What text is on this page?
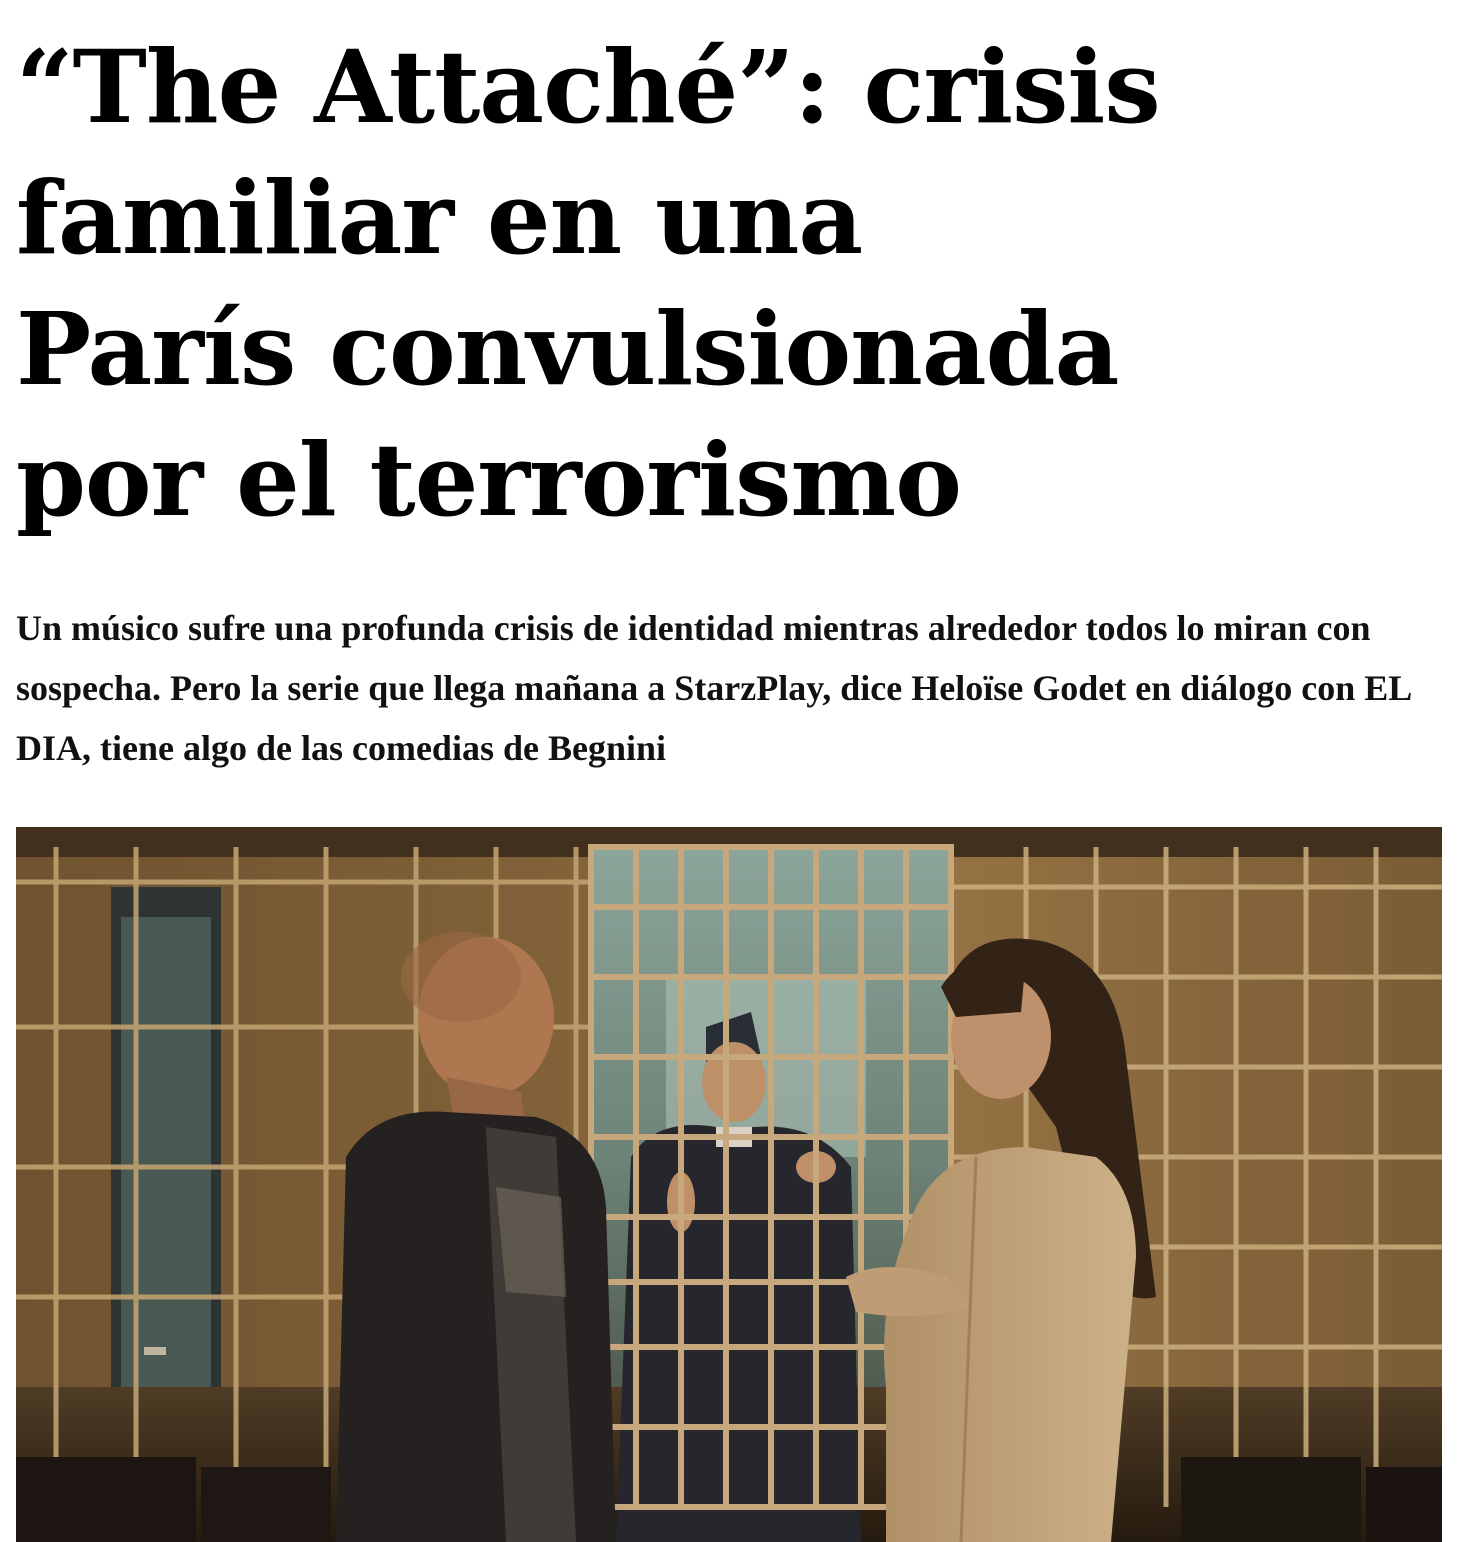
“The Attaché”: crisis familiar en una París convulsionada por el terrorismo

Un músico sufre una profunda crisis de identidad mientras alrededor todos lo miran con sospecha. Pero la serie que llega mañana a StarzPlay, dice Heloïse Godet en diálogo con EL DIA, tiene algo de las comedias de Begnini
